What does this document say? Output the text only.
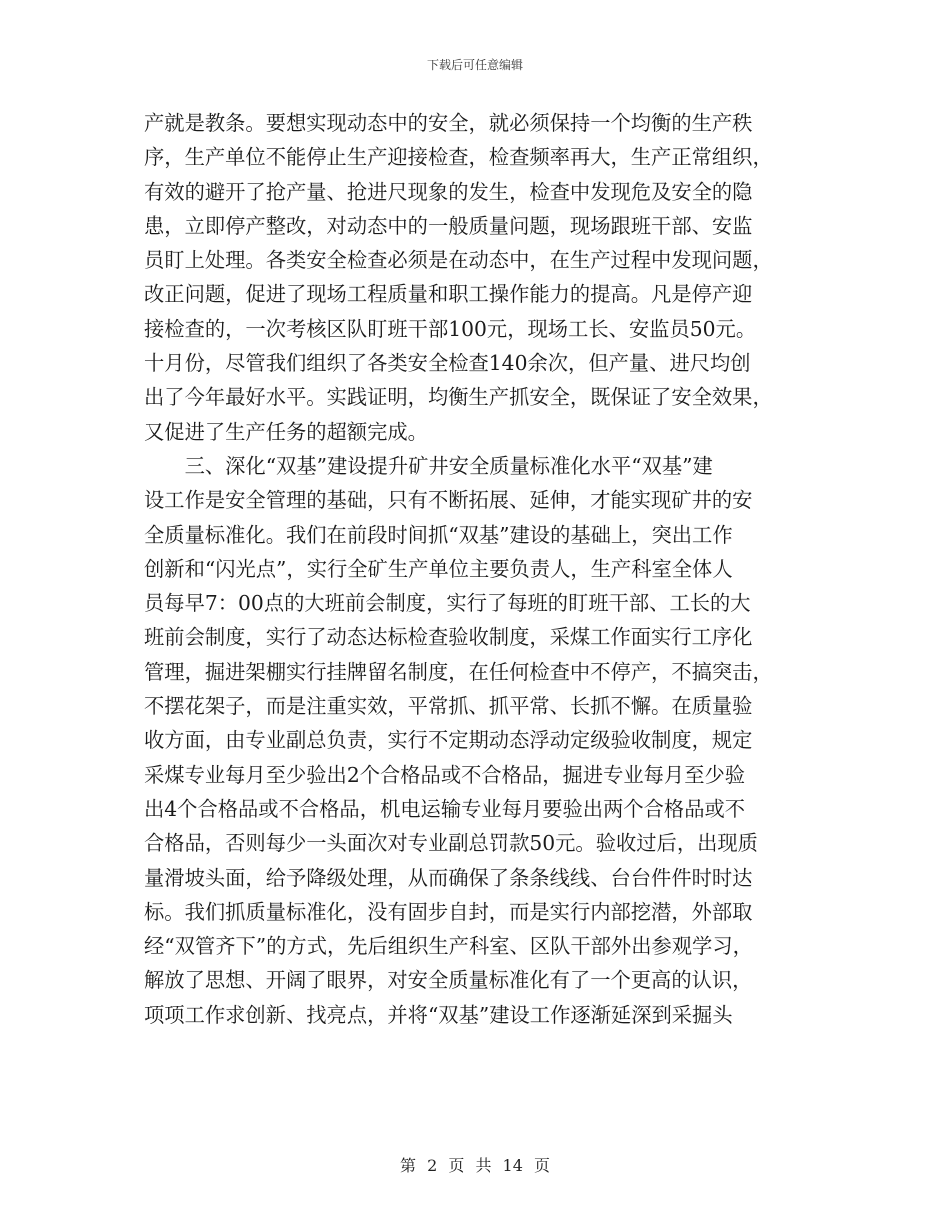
下载后可任意编辑
产就是教条。要想实现动态中的安全，就必须保持一个均衡的生产秩
序，生产单位不能停止生产迎接检查，检查频率再大，生产正常组织，
有效的避开了抢产量、抢进尺现象的发生，检查中发现危及安全的隐
患，立即停产整改，对动态中的一般质量问题，现场跟班干部、安监
员盯上处理。各类安全检查必须是在动态中，在生产过程中发现问题，
改正问题，促进了现场工程质量和职工操作能力的提高。凡是停产迎
接检查的，一次考核区队盯班干部100元，现场工长、安监员50元。
十月份，尽管我们组织了各类安全检查140余次，但产量、进尺均创
出了今年最好水平。实践证明，均衡生产抓安全，既保证了安全效果，
又促进了生产任务的超额完成。
　　三、深化“双基”建设提升矿井安全质量标准化水平“双基”建
设工作是安全管理的基础，只有不断拓展、延伸，才能实现矿井的安
全质量标准化。我们在前段时间抓“双基”建设的基础上，突出工作
创新和“闪光点”，实行全矿生产单位主要负责人，生产科室全体人
员每早7：00点的大班前会制度，实行了每班的盯班干部、工长的大
班前会制度，实行了动态达标检查验收制度，采煤工作面实行工序化
管理，掘进架棚实行挂牌留名制度，在任何检查中不停产，不搞突击，
不摆花架子，而是注重实效，平常抓、抓平常、长抓不懈。在质量验
收方面，由专业副总负责，实行不定期动态浮动定级验收制度，规定
采煤专业每月至少验出2个合格品或不合格品，掘进专业每月至少验
出4个合格品或不合格品，机电运输专业每月要验出两个合格品或不
合格品，否则每少一头面次对专业副总罚款50元。验收过后，出现质
量滑坡头面，给予降级处理，从而确保了条条线线、台台件件时时达
标。我们抓质量标准化，没有固步自封，而是实行内部挖潜，外部取
经“双管齐下”的方式，先后组织生产科室、区队干部外出参观学习，
解放了思想、开阔了眼界，对安全质量标准化有了一个更高的认识，
项项工作求创新、找亮点，并将“双基”建设工作逐渐延深到采掘头
第 2 页 共 14 页
